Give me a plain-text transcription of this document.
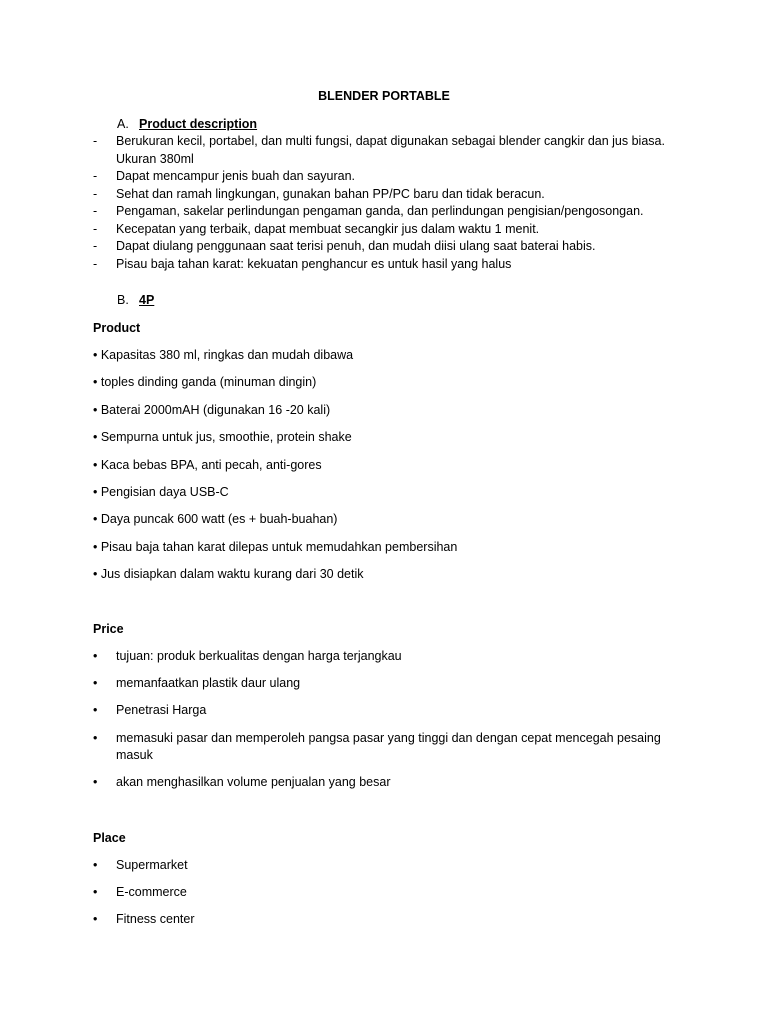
BLENDER PORTABLE
A. Product description
- Berukuran kecil, portabel, dan multi fungsi, dapat digunakan sebagai blender cangkir dan jus biasa. Ukuran 380ml
- Dapat mencampur jenis buah dan sayuran.
- Sehat dan ramah lingkungan, gunakan bahan PP/PC baru dan tidak beracun.
- Pengaman, sakelar perlindungan pengaman ganda, dan perlindungan pengisian/pengosongan.
- Kecepatan yang terbaik, dapat membuat secangkir jus dalam waktu 1 menit.
- Dapat diulang penggunaan saat terisi penuh, dan mudah diisi ulang saat baterai habis.
- Pisau baja tahan karat: kekuatan penghancur es untuk hasil yang halus
B. 4P
Product
• Kapasitas 380 ml, ringkas dan mudah dibawa
• toples dinding ganda (minuman dingin)
• Baterai 2000mAH (digunakan 16 -20 kali)
• Sempurna untuk jus, smoothie, protein shake
• Kaca bebas BPA, anti pecah, anti-gores
• Pengisian daya USB-C
• Daya puncak 600 watt (es + buah-buahan)
• Pisau baja tahan karat dilepas untuk memudahkan pembersihan
• Jus disiapkan dalam waktu kurang dari 30 detik
Price
• tujuan: produk berkualitas dengan harga terjangkau
• memanfaatkan plastik daur ulang
• Penetrasi Harga
• memasuki pasar dan memperoleh pangsa pasar yang tinggi dan dengan cepat mencegah pesaing masuk
• akan menghasilkan volume penjualan yang besar
Place
• Supermarket
• E-commerce
• Fitness center
